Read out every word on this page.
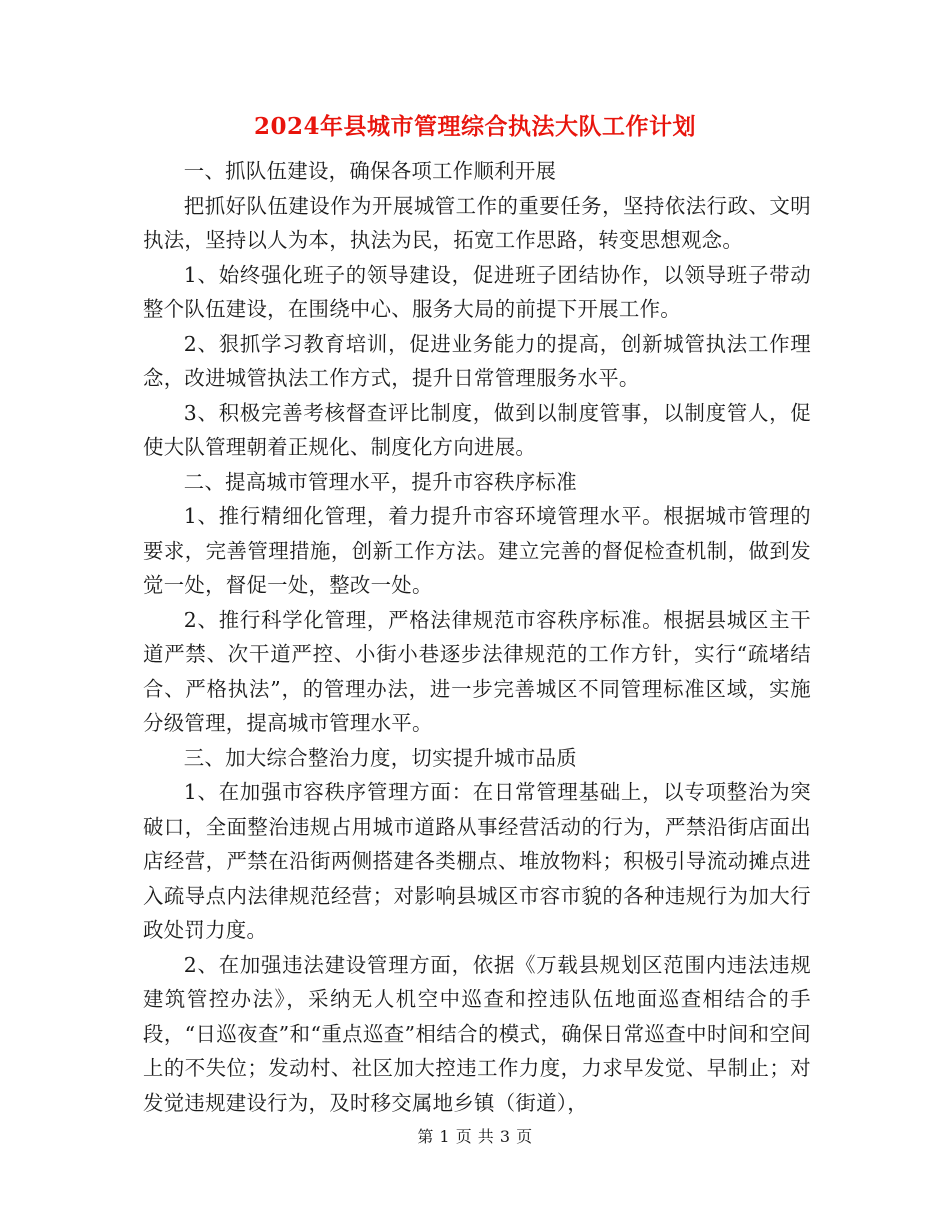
2024年县城市管理综合执法大队工作计划

一、抓队伍建设，确保各项工作顺利开展

把抓好队伍建设作为开展城管工作的重要任务，坚持依法行政、文明执法，坚持以人为本，执法为民，拓宽工作思路，转变思想观念。

1、始终强化班子的领导建设，促进班子团结协作，以领导班子带动整个队伍建设，在围绕中心、服务大局的前提下开展工作。

2、狠抓学习教育培训，促进业务能力的提高，创新城管执法工作理念，改进城管执法工作方式，提升日常管理服务水平。

3、积极完善考核督查评比制度，做到以制度管事，以制度管人，促使大队管理朝着正规化、制度化方向进展。

二、提高城市管理水平，提升市容秩序标准

1、推行精细化管理，着力提升市容环境管理水平。根据城市管理的要求，完善管理措施，创新工作方法。建立完善的督促检查机制，做到发觉一处，督促一处，整改一处。

2、推行科学化管理，严格法律规范市容秩序标准。根据县城区主干道严禁、次干道严控、小街小巷逐步法律规范的工作方针，实行“疏堵结合、严格执法”，的管理办法，进一步完善城区不同管理标准区域，实施分级管理，提高城市管理水平。

三、加大综合整治力度，切实提升城市品质

1、在加强市容秩序管理方面：在日常管理基础上，以专项整治为突破口，全面整治违规占用城市道路从事经营活动的行为，严禁沿街店面出店经营，严禁在沿街两侧搭建各类棚点、堆放物料；积极引导流动摊点进入疏导点内法律规范经营；对影响县城区市容市貌的各种违规行为加大行政处罚力度。

2、在加强违法建设管理方面，依据《万载县规划区范围内违法违规建筑管控办法》，采纳无人机空中巡查和控违队伍地面巡查相结合的手段，“日巡夜查”和“重点巡查”相结合的模式，确保日常巡查中时间和空间上的不失位；发动村、社区加大控违工作力度，力求早发觉、早制止；对发觉违规建设行为，及时移交属地乡镇（街道），

第 1 页 共 3 页
